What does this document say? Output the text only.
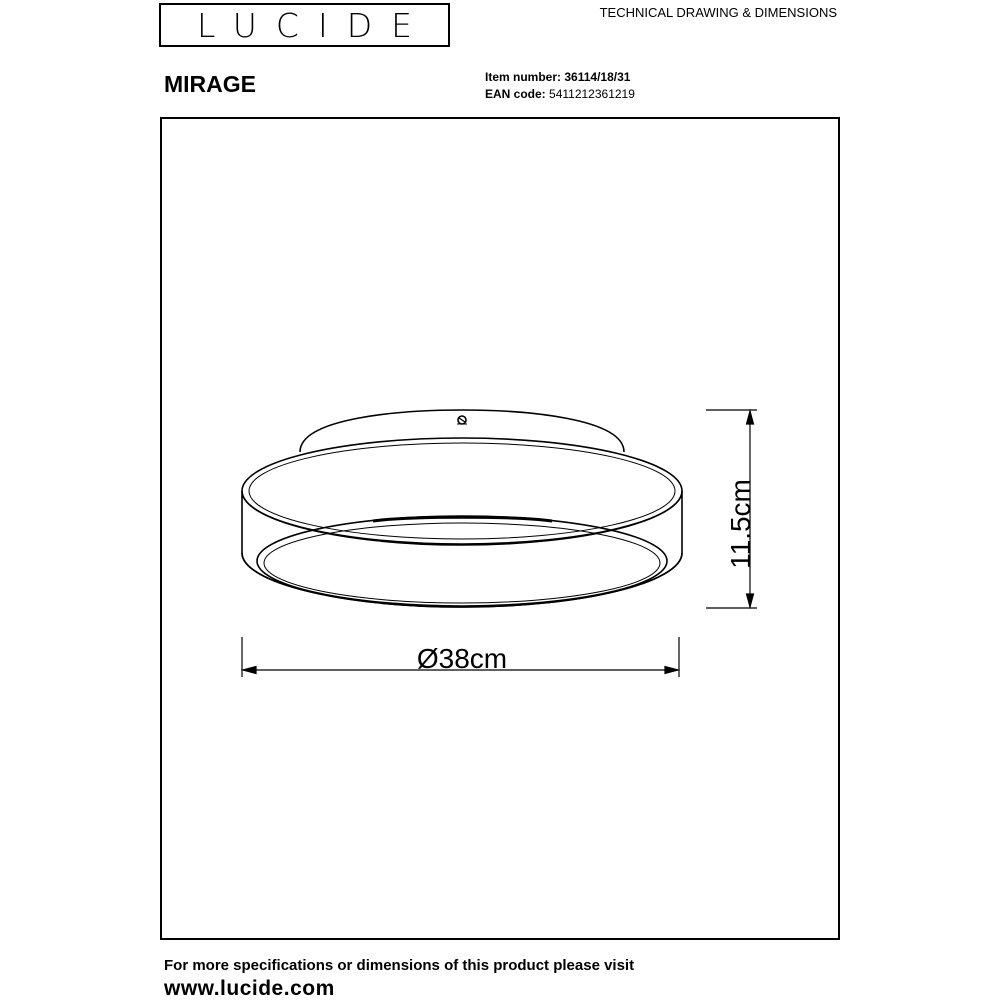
LUCIDE	TECHNICAL DRAWING & DIMENSIONS
MIRAGE	Item number: 36114/18/31
EAN code: 5411212361219
11.5cm
Ø38cm
For more specifications or dimensions of this product please visit
www.lucide.com
